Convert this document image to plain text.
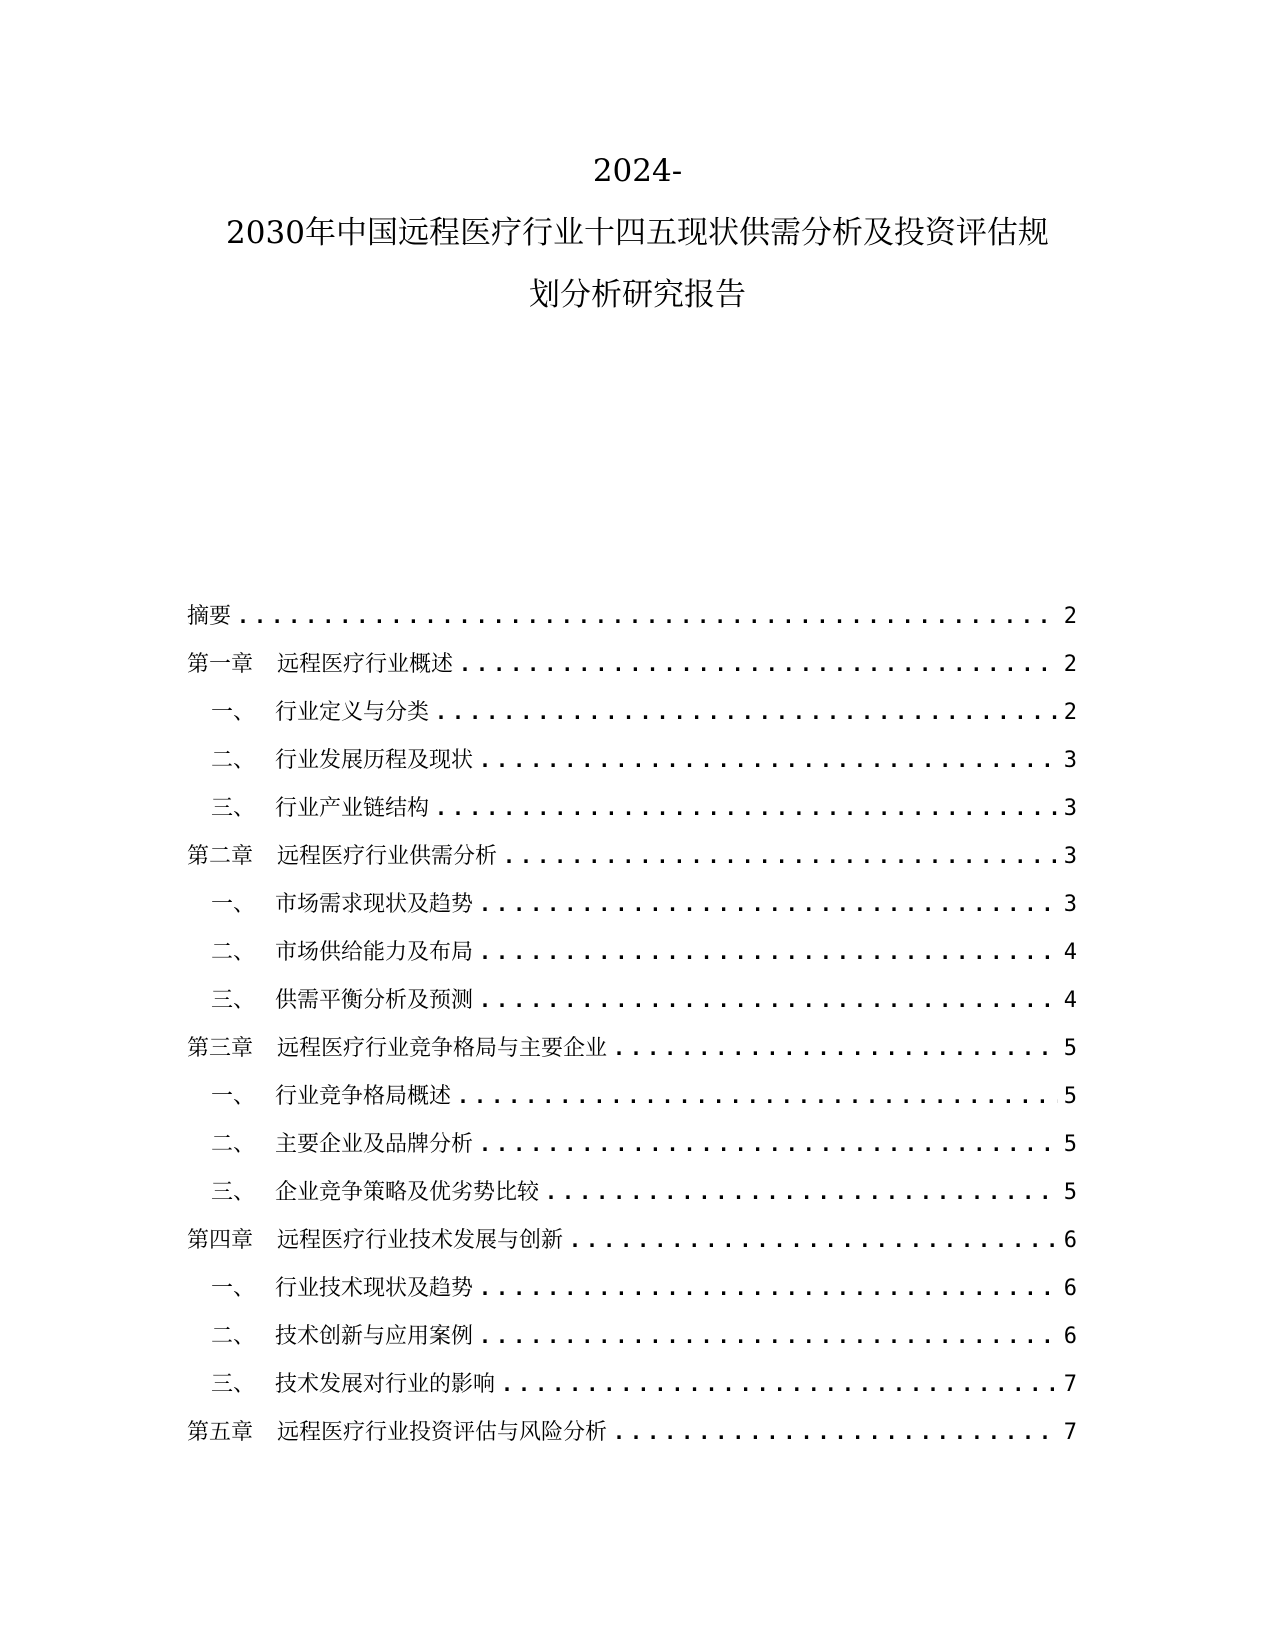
2024-
2030年中国远程医疗行业十四五现状供需分析及投资评估规
划分析研究报告
摘要 .....	2
第一章 远程医疗行业概述 .....	2
一、 行业定义与分类 .....	2
二、 行业发展历程及现状 .....	3
三、 行业产业链结构 .....	3
第二章 远程医疗行业供需分析 .....	3
一、 市场需求现状及趋势 .....	3
二、 市场供给能力及布局 .....	4
三、 供需平衡分析及预测 .....	4
第三章 远程医疗行业竞争格局与主要企业 .....	5
一、 行业竞争格局概述 .....	5
二、 主要企业及品牌分析 .....	5
三、 企业竞争策略及优劣势比较 .....	5
第四章 远程医疗行业技术发展与创新 .....	6
一、 行业技术现状及趋势 .....	6
二、 技术创新与应用案例 .....	6
三、 技术发展对行业的影响 .....	7
第五章 远程医疗行业投资评估与风险分析 .....	7
